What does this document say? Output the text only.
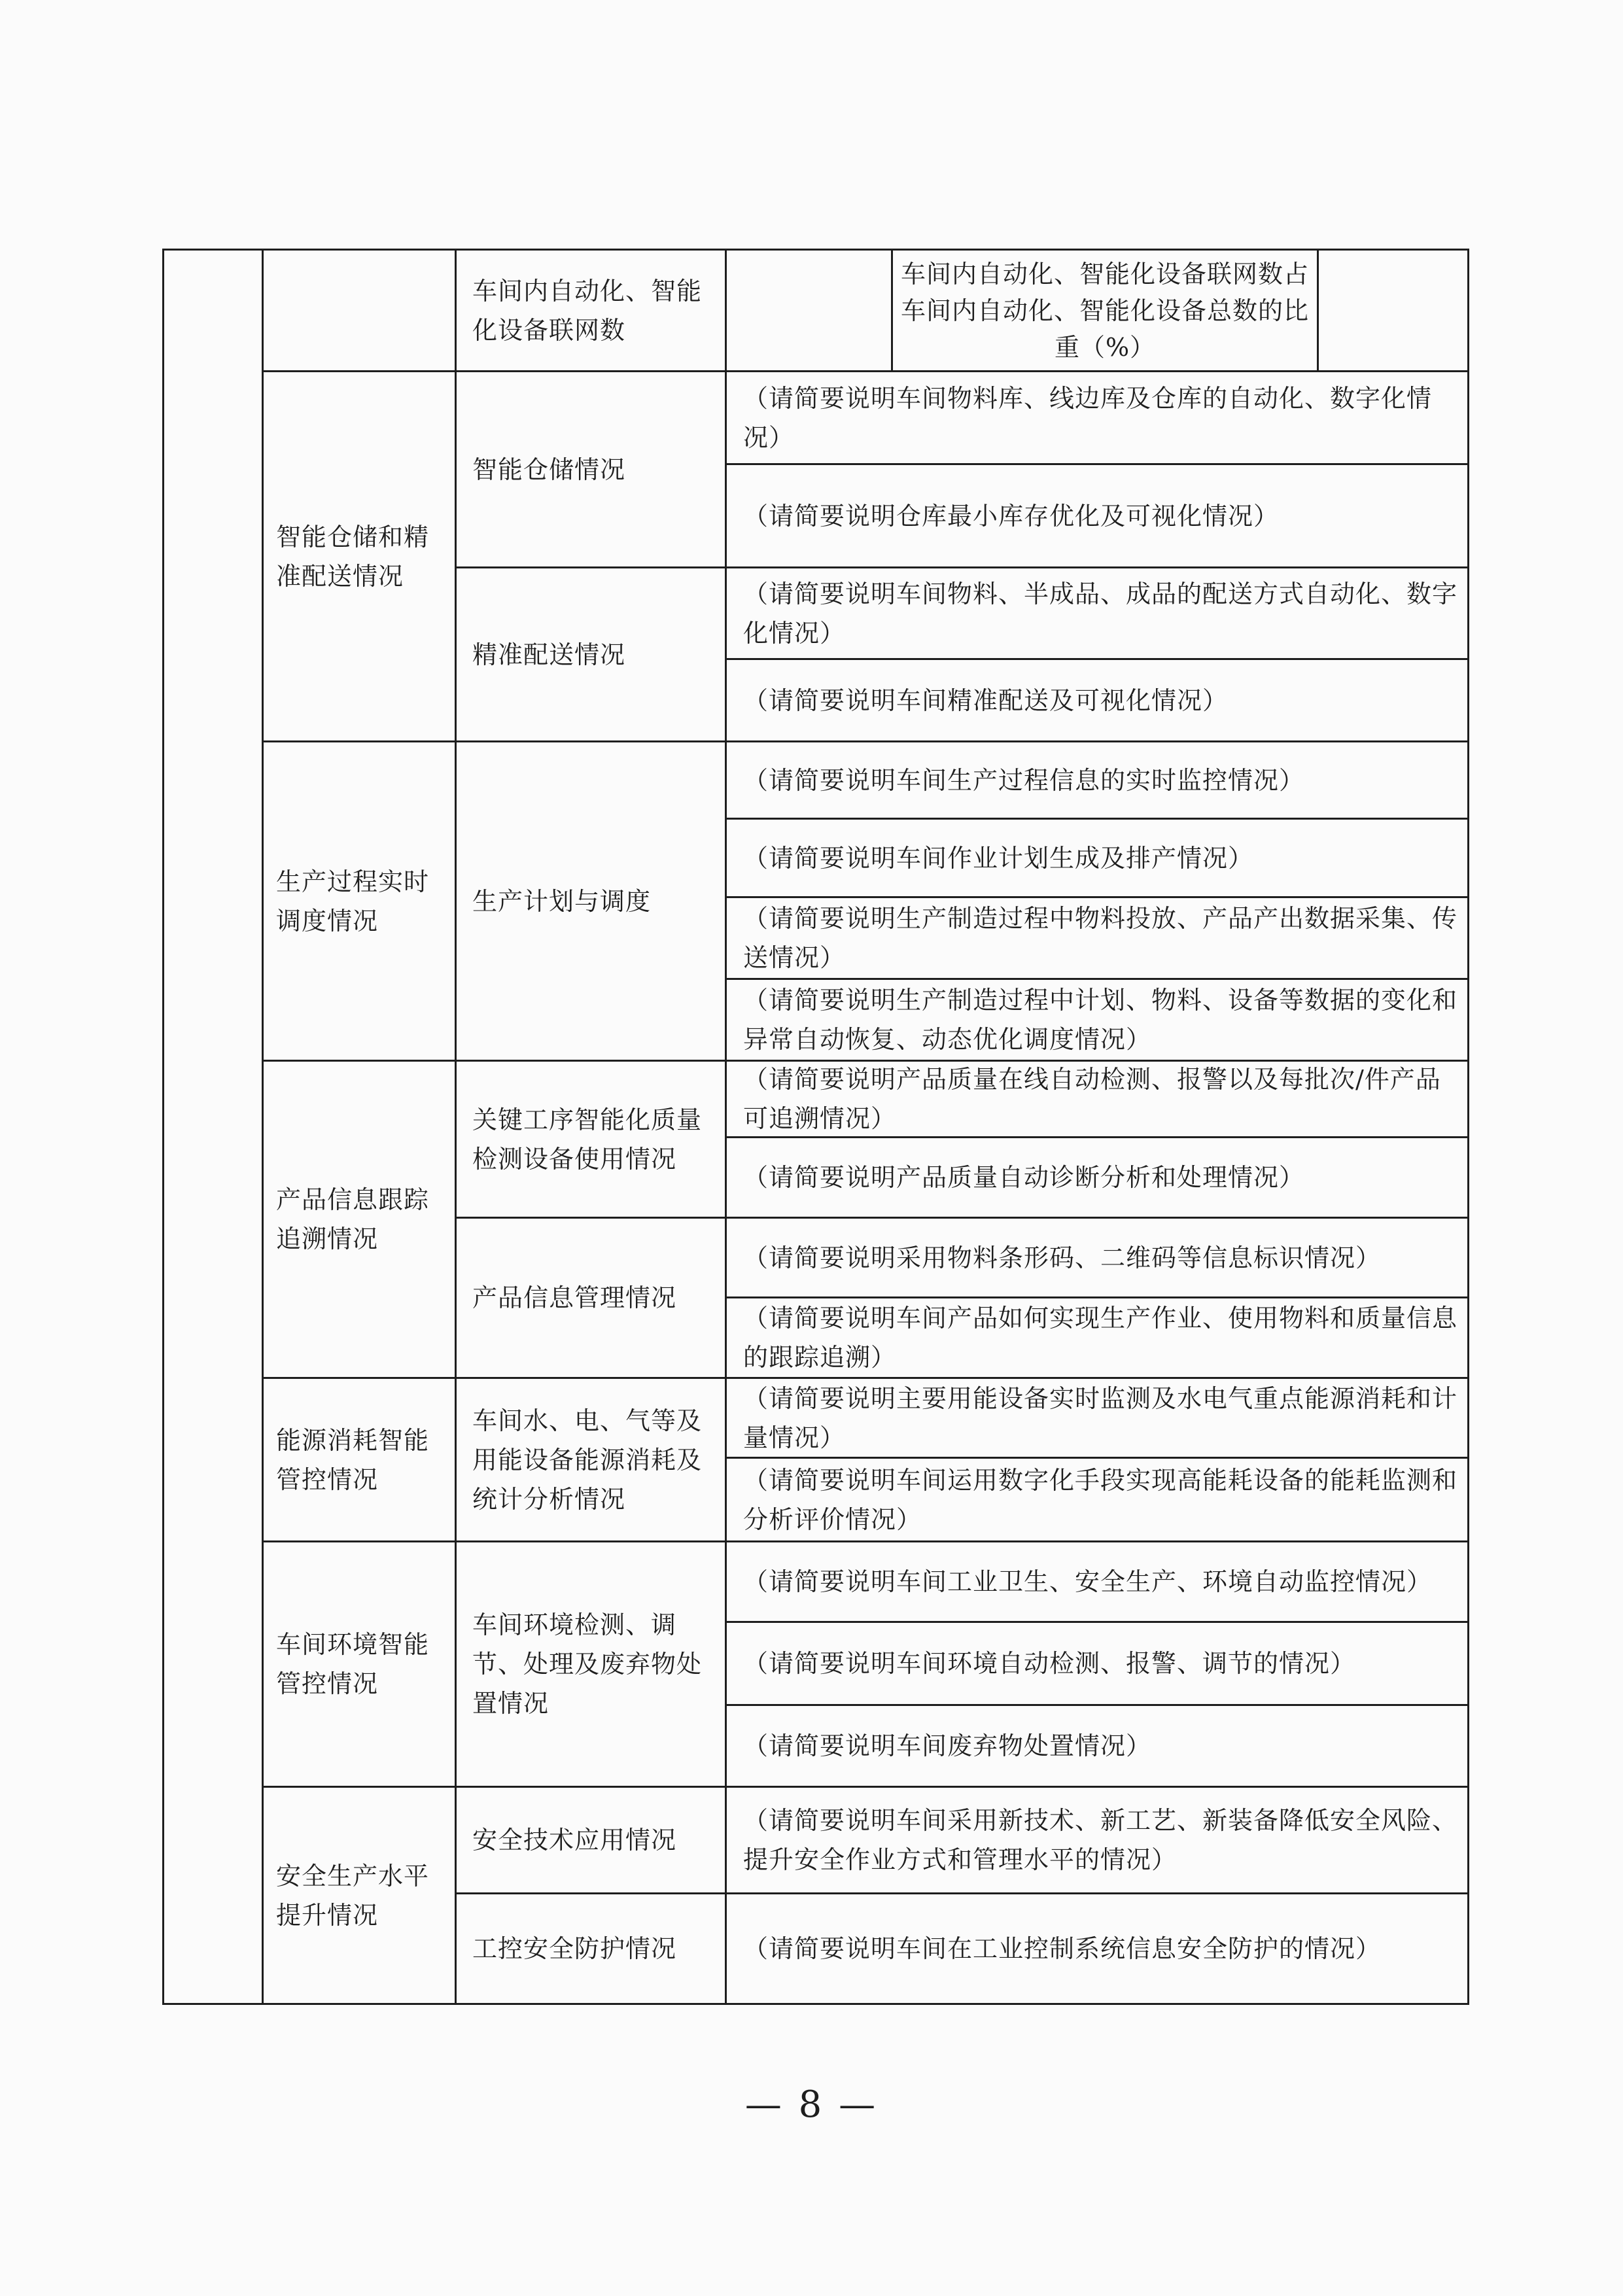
车间内自动化、智能化设备联网数
车间内自动化、智能化设备联网数占车间内自动化、智能化设备总数的比重（%）
智能仓储和精准配送情况
智能仓储情况
（请简要说明车间物料库、线边库及仓库的自动化、数字化情况）
（请简要说明仓库最小库存优化及可视化情况）
精准配送情况
（请简要说明车间物料、半成品、成品的配送方式自动化、数字化情况）
（请简要说明车间精准配送及可视化情况）
生产过程实时调度情况
生产计划与调度
（请简要说明车间生产过程信息的实时监控情况）
（请简要说明车间作业计划生成及排产情况）
（请简要说明生产制造过程中物料投放、产品产出数据采集、传送情况）
（请简要说明生产制造过程中计划、物料、设备等数据的变化和异常自动恢复、动态优化调度情况）
产品信息跟踪追溯情况
关键工序智能化质量检测设备使用情况
（请简要说明产品质量在线自动检测、报警以及每批次/件产品可追溯情况）
（请简要说明产品质量自动诊断分析和处理情况）
产品信息管理情况
（请简要说明采用物料条形码、二维码等信息标识情况）
（请简要说明车间产品如何实现生产作业、使用物料和质量信息的跟踪追溯）
能源消耗智能管控情况
车间水、电、气等及用能设备能源消耗及统计分析情况
（请简要说明主要用能设备实时监测及水电气重点能源消耗和计量情况）
（请简要说明车间运用数字化手段实现高能耗设备的能耗监测和分析评价情况）
车间环境智能管控情况
车间环境检测、调节、处理及废弃物处置情况
（请简要说明车间工业卫生、安全生产、环境自动监控情况）
（请简要说明车间环境自动检测、报警、调节的情况）
（请简要说明车间废弃物处置情况）
安全生产水平提升情况
安全技术应用情况
（请简要说明车间采用新技术、新工艺、新装备降低安全风险、提升安全作业方式和管理水平的情况）
工控安全防护情况	（请简要说明车间在工业控制系统信息安全防护的情况）
— 8 —
